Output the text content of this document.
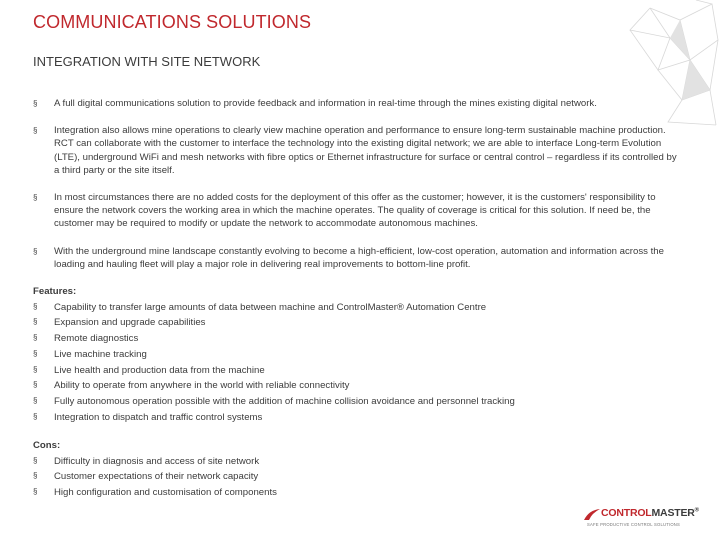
COMMUNICATIONS SOLUTIONS
INTEGRATION WITH SITE NETWORK
§	A full digital communications solution to provide feedback and information in real-time through the mines existing digital network.
§	Integration also allows mine operations to clearly view machine operation and performance to ensure long-term sustainable machine production. RCT can collaborate with the customer to interface the technology into the existing digital network; we are able to interface Long-term Evolution (LTE), underground WiFi and mesh networks with fibre optics or Ethernet infrastructure for surface or central control – regardless if its controlled by a third party or the site itself.
§	In most circumstances there are no added costs for the deployment of this offer as the customer; however, it is the customers' responsibility to ensure the network covers the working area in which the machine operates. The quality of coverage is critical for this solution. If need be, the customer may be required to modify or update the network to accommodate autonomous machines.
§	With the underground mine landscape constantly evolving to become a high-efficient, low-cost operation, automation and information across the loading and hauling fleet will play a major role in delivering real improvements to bottom-line profit.
Features:
§	Capability to transfer large amounts of data between machine and ControlMaster® Automation Centre
§	Expansion and upgrade capabilities
§	Remote diagnostics
§	Live machine tracking
§	Live health and production data from the machine
§	Ability to operate from anywhere in the world with reliable connectivity
§	Fully autonomous operation possible with the addition of machine collision avoidance and personnel tracking
§	Integration to dispatch and traffic control systems
Cons:
§	Difficulty in diagnosis and access of site network
§	Customer expectations of their network capacity
§	High configuration and customisation of components
CONTROLMASTER®
SAFE PRODUCTIVE CONTROL SOLUTIONS
